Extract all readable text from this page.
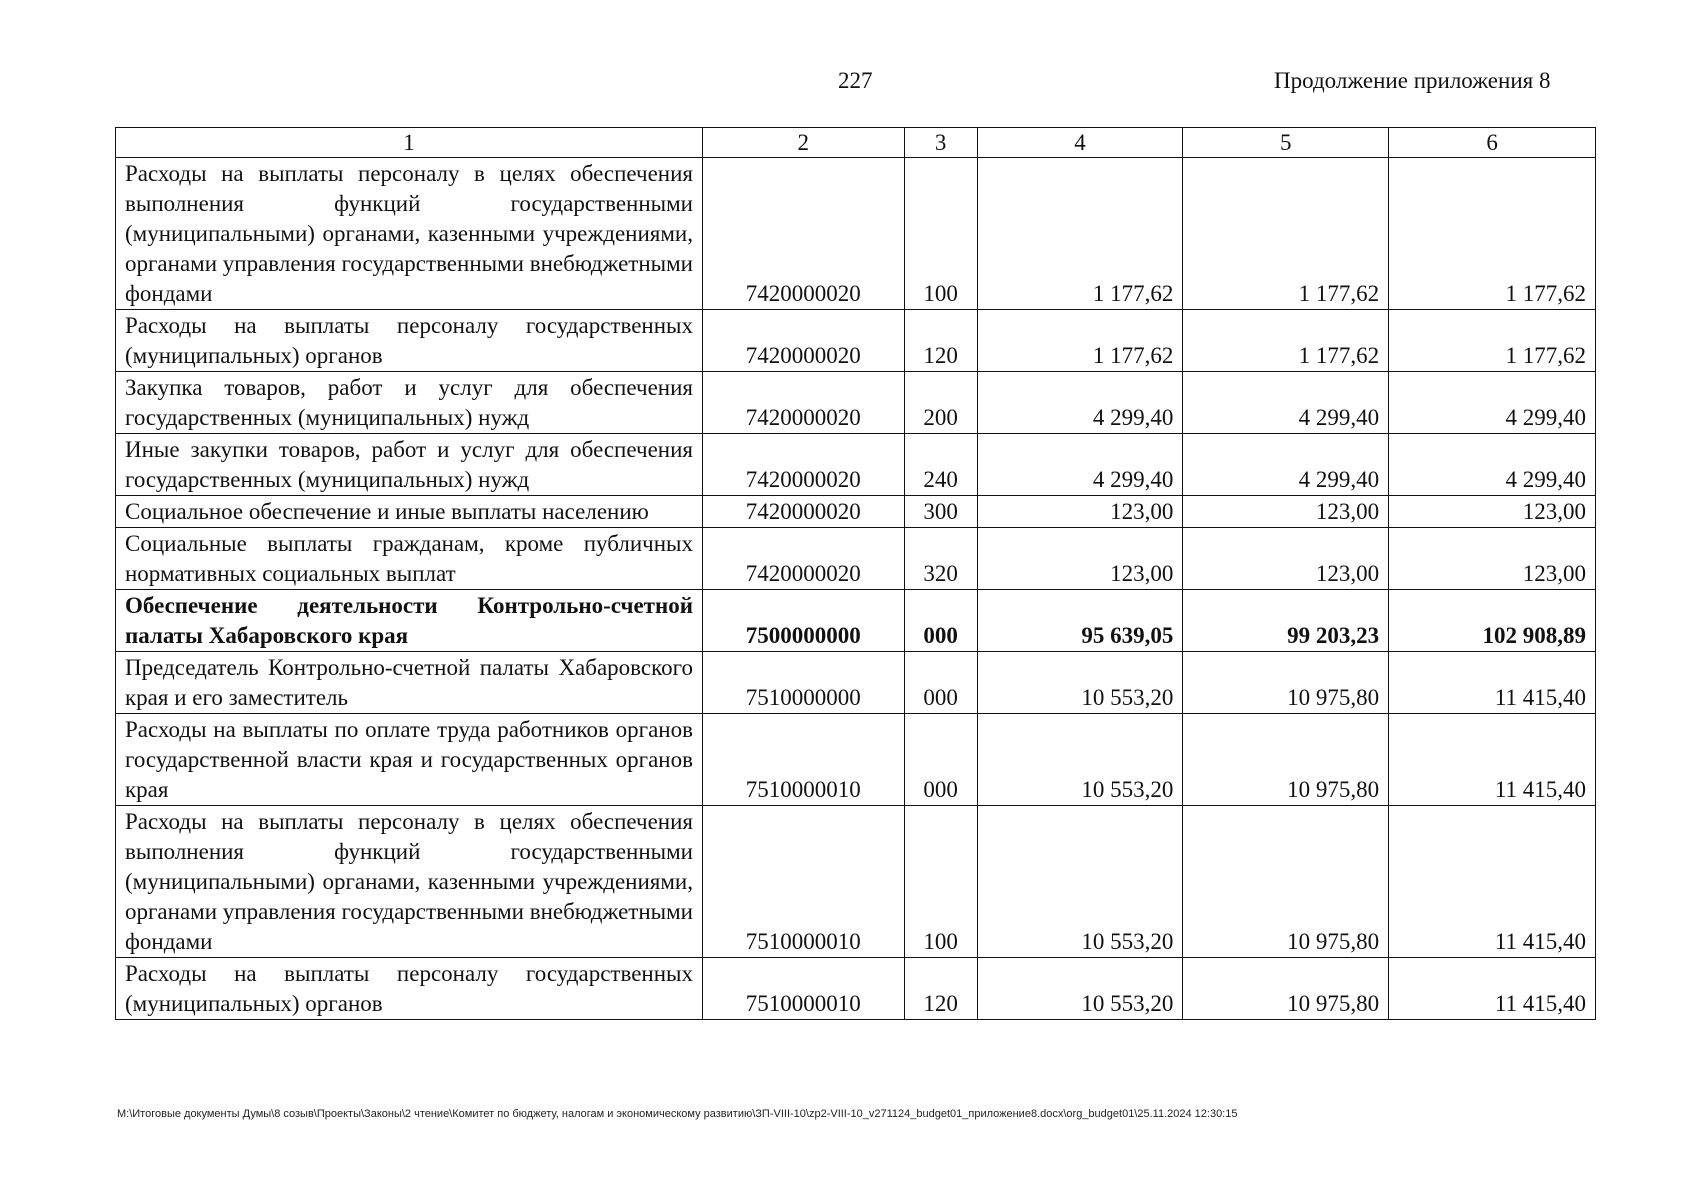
227	Продолжение приложения 8
1	2	3	4	5	6
Расходы на выплаты персоналу в целях обеспечения выполнения функций государственными (муниципальными) органами, казенными учреждениями, органами управления государственными внебюджетными фондами	7420000020	100	1 177,62	1 177,62	1 177,62
Расходы на выплаты персоналу государственных (муниципальных) органов	7420000020	120	1 177,62	1 177,62	1 177,62
Закупка товаров, работ и услуг для обеспечения государственных (муниципальных) нужд	7420000020	200	4 299,40	4 299,40	4 299,40
Иные закупки товаров, работ и услуг для обеспечения государственных (муниципальных) нужд	7420000020	240	4 299,40	4 299,40	4 299,40
Социальное обеспечение и иные выплаты населению	7420000020	300	123,00	123,00	123,00
Социальные выплаты гражданам, кроме публичных нормативных социальных выплат	7420000020	320	123,00	123,00	123,00
Обеспечение деятельности Контрольно-счетной палаты Хабаровского края	7500000000	000	95 639,05	99 203,23	102 908,89
Председатель Контрольно-счетной палаты Хабаровского края и его заместитель	7510000000	000	10 553,20	10 975,80	11 415,40
Расходы на выплаты по оплате труда работников органов государственной власти края и государственных органов края	7510000010	000	10 553,20	10 975,80	11 415,40
Расходы на выплаты персоналу в целях обеспечения выполнения функций государственными (муниципальными) органами, казенными учреждениями, органами управления государственными внебюджетными фондами	7510000010	100	10 553,20	10 975,80	11 415,40
Расходы на выплаты персоналу государственных (муниципальных) органов	7510000010	120	10 553,20	10 975,80	11 415,40
M:\Итоговые документы Думы\8 созыв\Проекты\Законы\2 чтение\Комитет по бюджету, налогам и экономическому развитию\ЗП-VIII-10\zp2-VIII-10_v271124_budget01_приложение8.docx\org_budget01\25.11.2024 12:30:15
